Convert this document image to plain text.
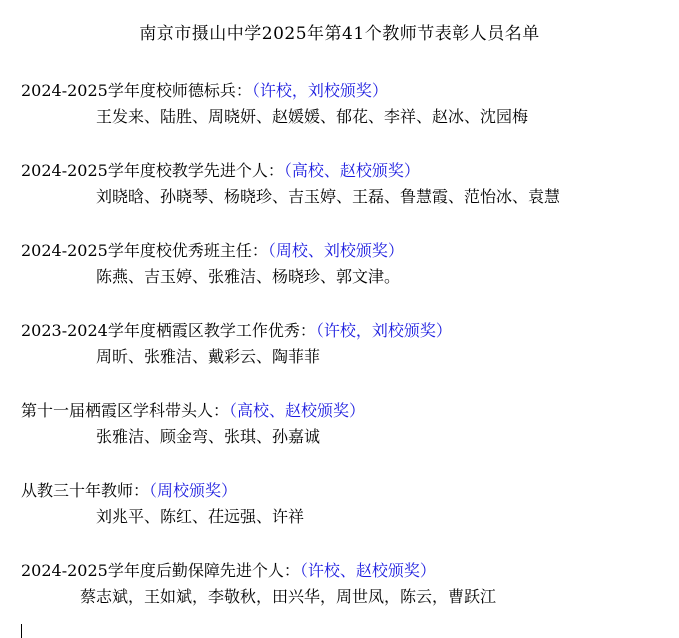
南京市摄山中学2025年第41个教师节表彰人员名单
2024-2025学年度校师德标兵：（许校，刘校颁奖）
王发来、陆胜、周晓妍、赵媛媛、郁花、李祥、赵冰、沈园梅
2024-2025学年度校教学先进个人：（高校、赵校颁奖）
刘晓晗、孙晓琴、杨晓珍、吉玉婷、王磊、鲁慧霞、范怡冰、袁慧
2024-2025学年度校优秀班主任：（周校、刘校颁奖）
陈燕、吉玉婷、张雅洁、杨晓珍、郭文津。
2023-2024学年度栖霞区教学工作优秀：（许校，刘校颁奖）
周昕、张雅洁、戴彩云、陶菲菲
第十一届栖霞区学科带头人：（高校、赵校颁奖）
张雅洁、顾金弯、张琪、孙嘉诚
从教三十年教师：（周校颁奖）
刘兆平、陈红、茌远强、许祥
2024-2025学年度后勤保障先进个人：（许校、赵校颁奖）
蔡志斌，王如斌，李敬秋，田兴华，周世凤，陈云，曹跃江
